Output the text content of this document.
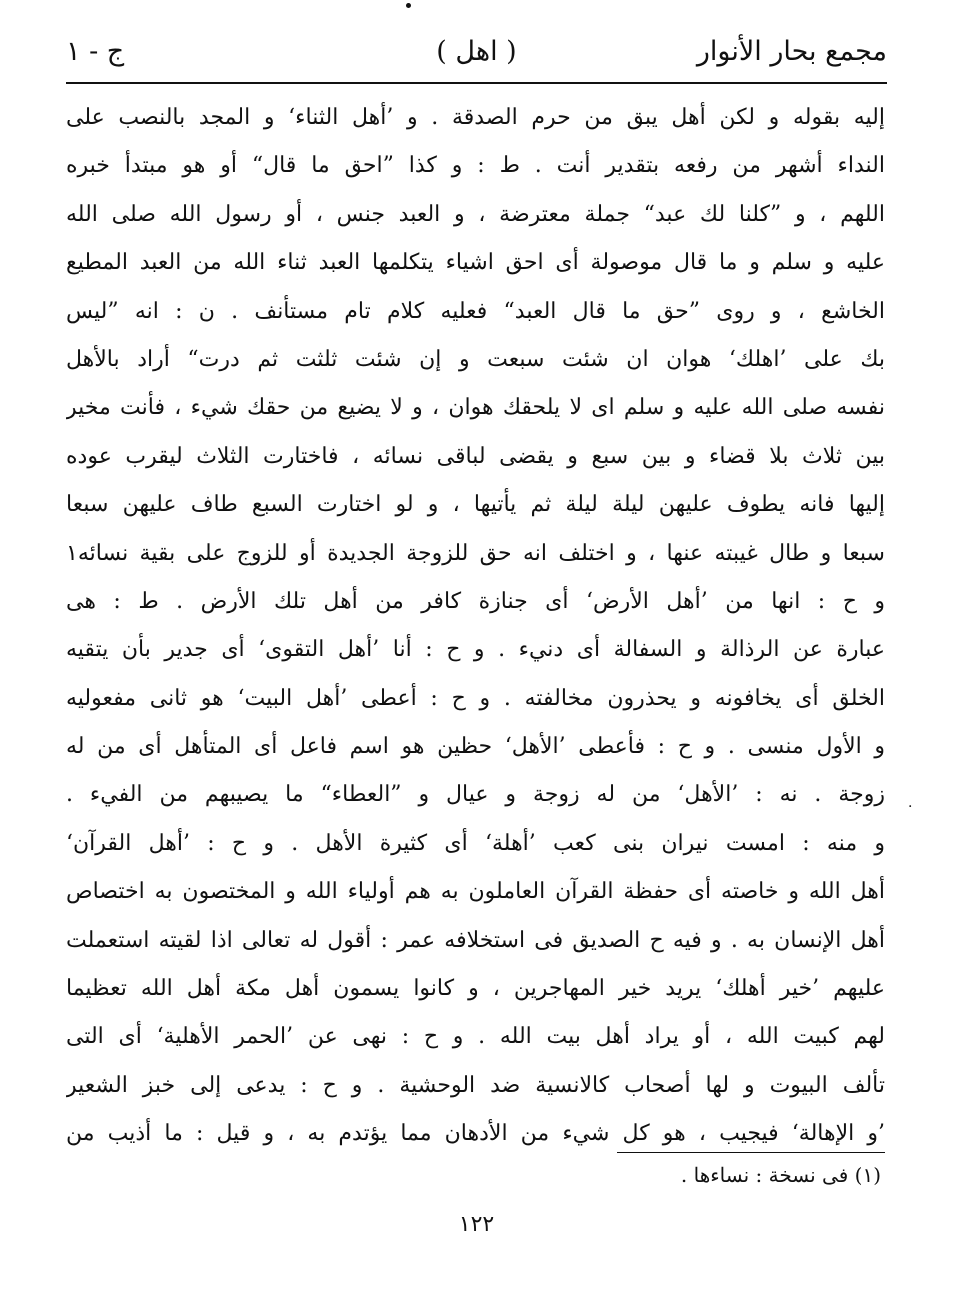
مجمع بحار الأنوار
( اهل )
ج - ١
إليه بقوله و لكن أهل يبق من حرم الصدقة . و ’أهل الثناء‘ و المجد بالنصب على
النداء أشهر من رفعه بتقدير أنت . ط : و كذا ”احق ما قال“ أو هو مبتدأ خبره
اللهم ، و ”كلنا لك عبد“ جملة معترضة ، و العبد جنس ، أو رسول الله صلى الله
عليه و سلم و ما قال موصولة أى احق اشياء يتكلمها العبد ثناء الله من العبد المطيع
الخاشع ، و روى ”حق ما قال العبد“ فعليه كلام تام مستأنف . ن : انه ”ليس
بك على ’اهلك‘ هوان ان شئت سبعت و إن شئت ثلثت ثم درت“ أراد بالأهل
نفسه صلى الله عليه و سلم اى لا يلحقك هوان ، و لا يضيع من حقك شيء ، فأنت مخير
بين ثلاث بلا قضاء و بين سبع و يقضى لباقى نسائه ، فاختارت الثلاث ليقرب عوده
إليها فانه يطوف عليهن ليلة ليلة ثم يأتيها ، و لو اختارت السبع طاف عليهن سبعا
سبعا و طال غيبته عنها ، و اختلف انه حق للزوجة الجديدة أو للزوج على بقية نسائه١
و ح : انها من ’أهل الأرض‘ أى جنازة كافر من أهل تلك الأرض . ط : هى
عبارة عن الرذالة و السفالة أى دنيء . و ح : أنا ’أهل التقوى‘ أى جدير بأن يتقيه
الخلق أى يخافونه و يحذرون مخالفته . و ح : أعطى ’أهل البيت‘ هو ثانى مفعوليه
و الأول منسى . و ح : فأعطى ’الأهل‘ حظين هو اسم فاعل أى المتأهل أى من له
زوجة . نه : ’الأهل‘ من له زوجة و عيال و ”العطاء“ ما يصيبهم من الفيء .
و منه : امست نيران بنى كعب ’أهلة‘ أى كثيرة الأهل . و ح : ’أهل القرآن‘
أهل الله و خاصته أى حفظة القرآن العاملون به هم أولياء الله و المختصون به اختصاص
أهل الإنسان به . و فيه ح الصديق فى استخلافه عمر : أقول له تعالى اذا لقيته استعملت
عليهم ’خير أهلك‘ يريد خير المهاجرين ، و كانوا يسمون أهل مكة أهل الله تعظيما
لهم كبيت الله ، أو يراد أهل بيت الله . و ح : نهى عن ’الحمر الأهلية‘ أى التى
تألف البيوت و لها أصحاب كالانسية ضد الوحشية . و ح : يدعى إلى خبز الشعير
’و الإهالة‘ فيجيب ، هو كل شيء من الأدهان مما يؤتدم به ، و قيل : ما أذيب من
·
(١) فى نسخة : نساءها .
١٢٢
